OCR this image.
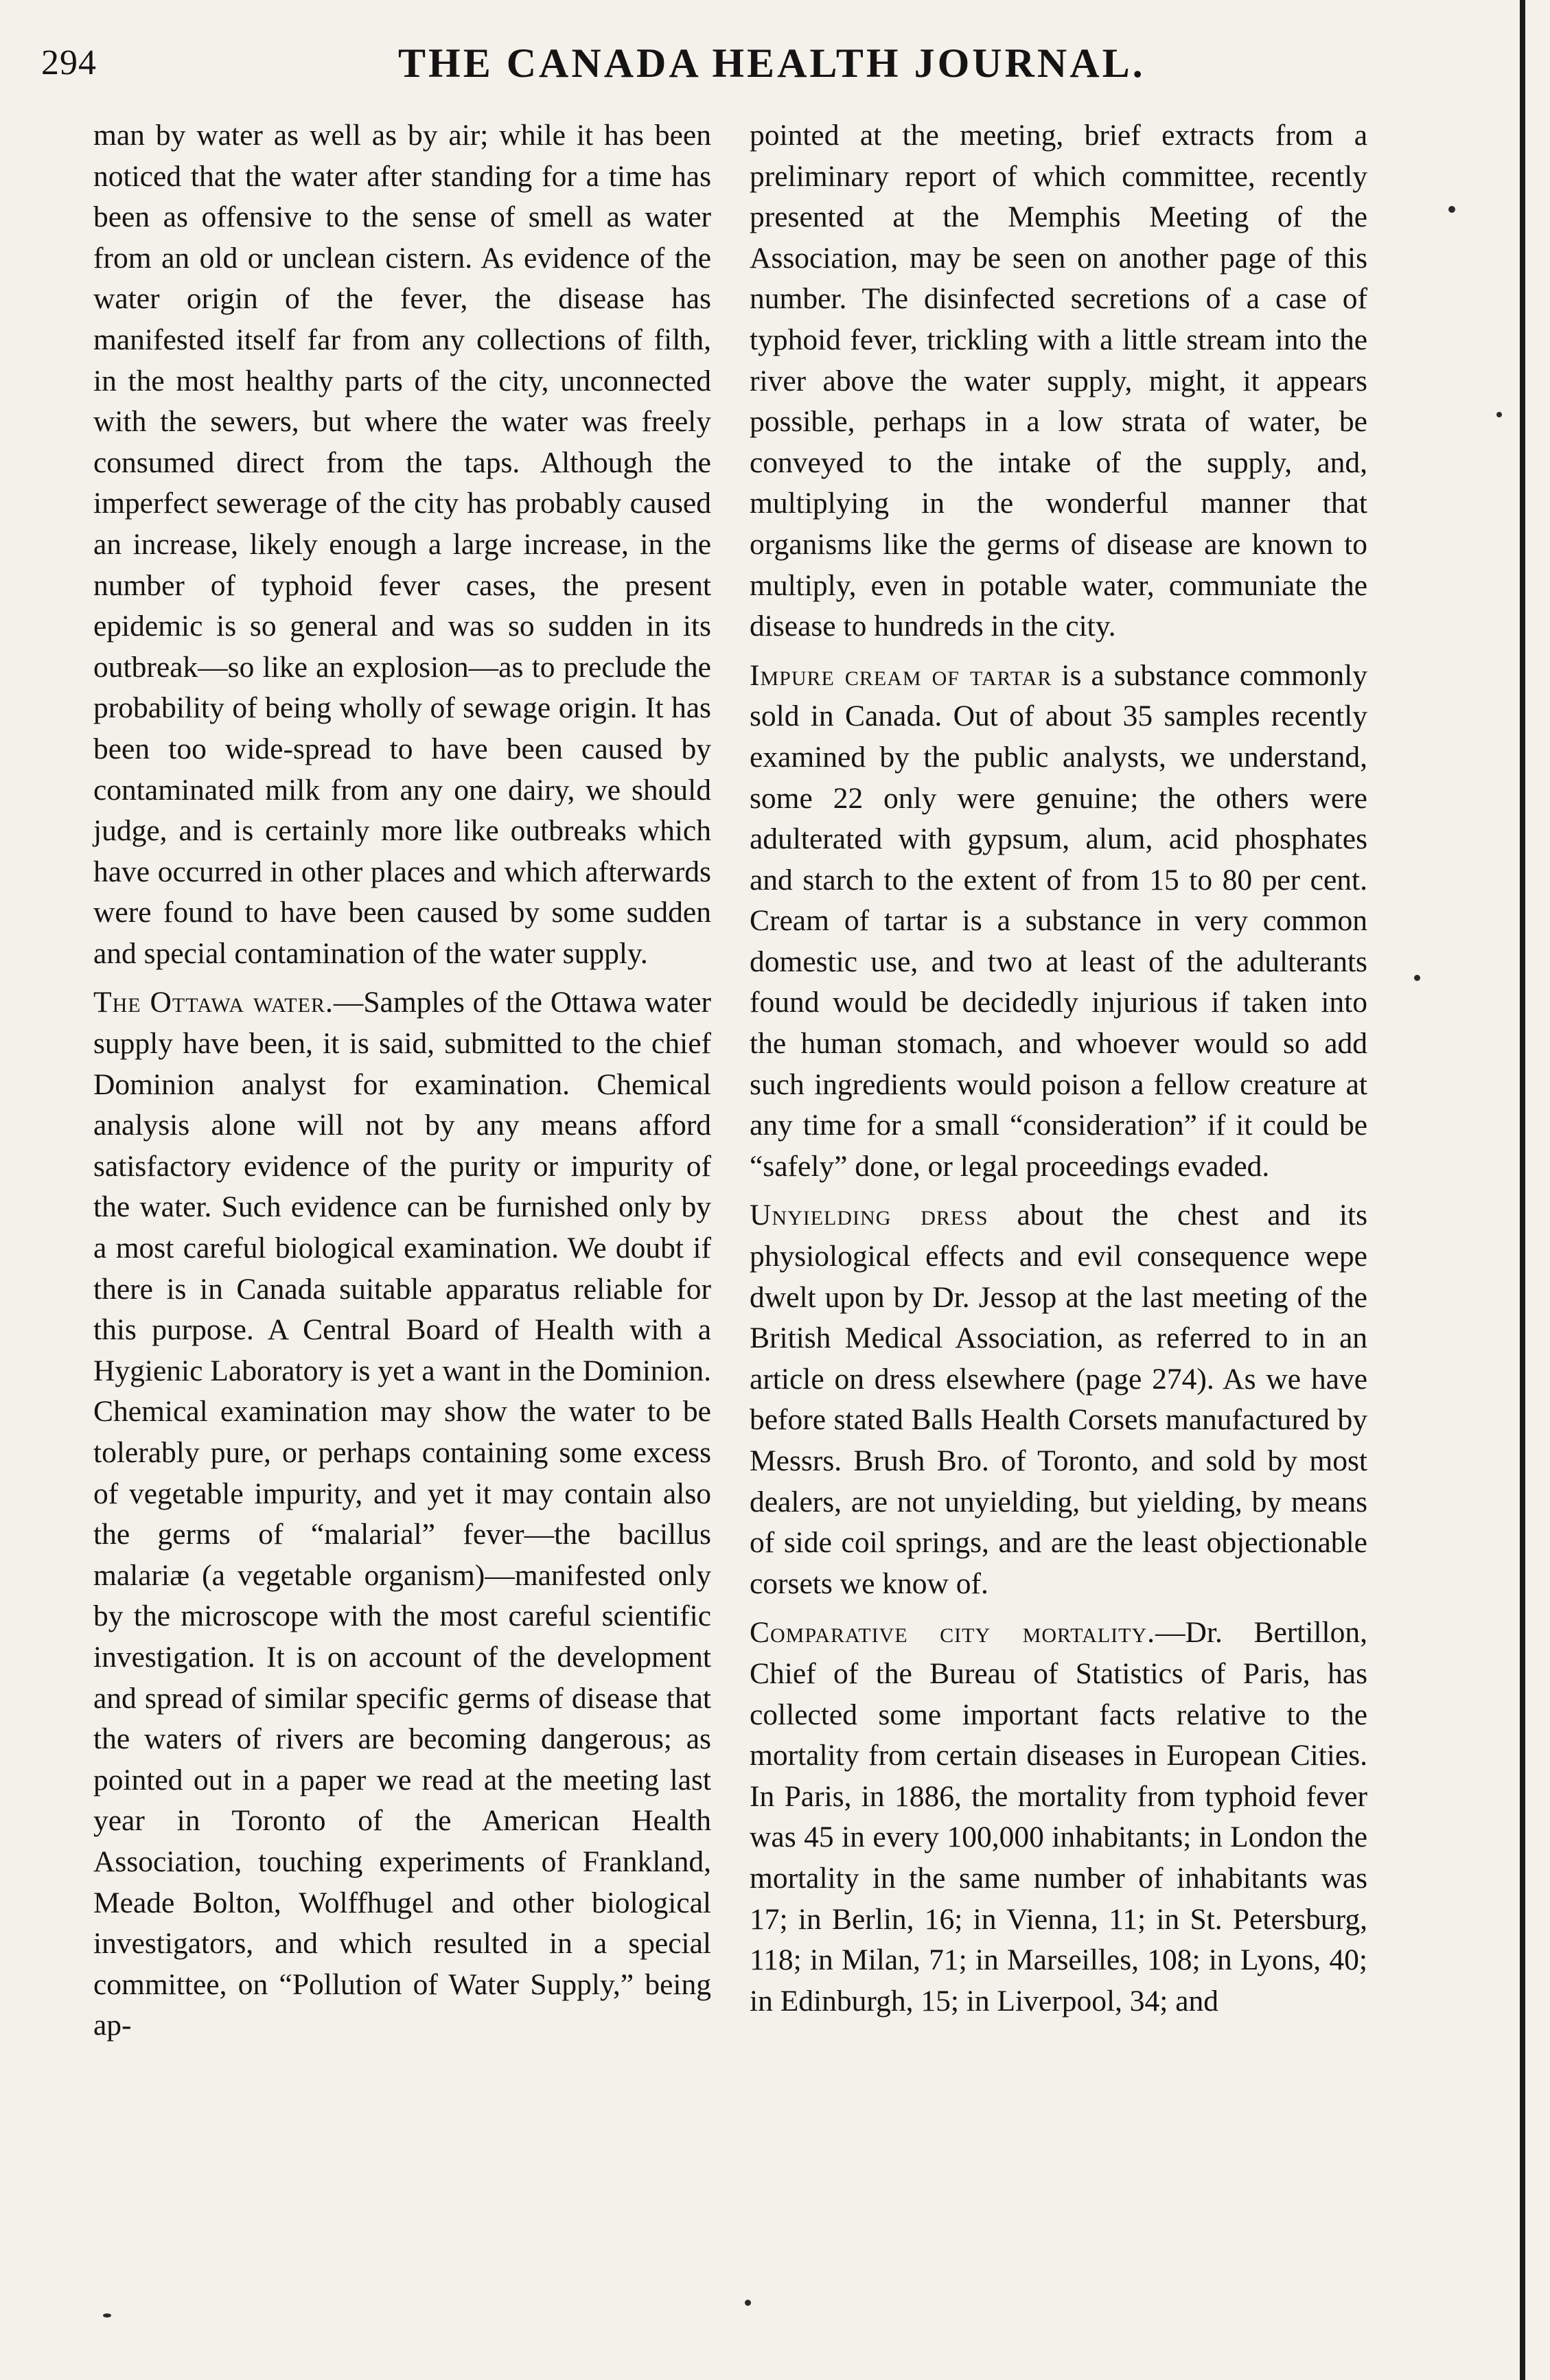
294	THE CANADA HEALTH JOURNAL.

man by water as well as by air; while it has been noticed that the water after standing for a time has been as offensive to the sense of smell as water from an old or unclean cistern. As evidence of the water origin of the fever, the disease has manifested itself far from any collections of filth, in the most healthy parts of the city, unconnected with the sewers, but where the water was freely consumed direct from the taps. Although the imperfect sewerage of the city has probably caused an increase, likely enough a large increase, in the number of typhoid fever cases, the present epidemic is so general and was so sudden in its outbreak—so like an explosion—as to preclude the probability of being wholly of sewage origin. It has been too wide-spread to have been caused by contaminated milk from any one dairy, we should judge, and is certainly more like outbreaks which have occurred in other places and which afterwards were found to have been caused by some sudden and special contamination of the water supply.

The Ottawa water.—Samples of the Ottawa water supply have been, it is said, submitted to the chief Dominion analyst for examination. Chemical analysis alone will not by any means afford satisfactory evidence of the purity or impurity of the water. Such evidence can be furnished only by a most careful biological examination. We doubt if there is in Canada suitable apparatus reliable for this purpose. A Central Board of Health with a Hygienic Laboratory is yet a want in the Dominion. Chemical examination may show the water to be tolerably pure, or perhaps containing some excess of vegetable impurity, and yet it may contain also the germs of “malarial” fever—the bacillus malariæ (a vegetable organism)—manifested only by the microscope with the most careful scientific investigation. It is on account of the development and spread of similar specific germs of disease that the waters of rivers are becoming dangerous; as pointed out in a paper we read at the meeting last year in Toronto of the American Health Association, touching experiments of Frankland, Meade Bolton, Wolffhugel and other biological investigators, and which resulted in a special committee, on “Pollution of Water Supply,” being ap-

pointed at the meeting, brief extracts from a preliminary report of which committee, recently presented at the Memphis Meeting of the Association, may be seen on another page of this number. The disinfected secretions of a case of typhoid fever, trickling with a little stream into the river above the water supply, might, it appears possible, perhaps in a low strata of water, be conveyed to the intake of the supply, and, multiplying in the wonderful manner that organisms like the germs of disease are known to multiply, even in potable water, communiate the disease to hundreds in the city.

Impure cream of tartar is a substance commonly sold in Canada. Out of about 35 samples recently examined by the public analysts, we understand, some 22 only were genuine; the others were adulterated with gypsum, alum, acid phosphates and starch to the extent of from 15 to 80 per cent. Cream of tartar is a substance in very common domestic use, and two at least of the adulterants found would be decidedly injurious if taken into the human stomach, and whoever would so add such ingredients would poison a fellow creature at any time for a small “consideration” if it could be “safely” done, or legal proceedings evaded.

Unyielding dress about the chest and its physiological effects and evil consequence wepe dwelt upon by Dr. Jessop at the last meeting of the British Medical Association, as referred to in an article on dress elsewhere (page 274). As we have before stated Balls Health Corsets manufactured by Messrs. Brush Bro. of Toronto, and sold by most dealers, are not unyielding, but yielding, by means of side coil springs, and are the least objectionable corsets we know of.

Comparative city mortality.—Dr. Bertillon, Chief of the Bureau of Statistics of Paris, has collected some important facts relative to the mortality from certain diseases in European Cities. In Paris, in 1886, the mortality from typhoid fever was 45 in every 100,000 inhabitants; in London the mortality in the same number of inhabitants was 17; in Berlin, 16; in Vienna, 11; in St. Petersburg, 118; in Milan, 71; in Marseilles, 108; in Lyons, 40; in Edinburgh, 15; in Liverpool, 34; and
